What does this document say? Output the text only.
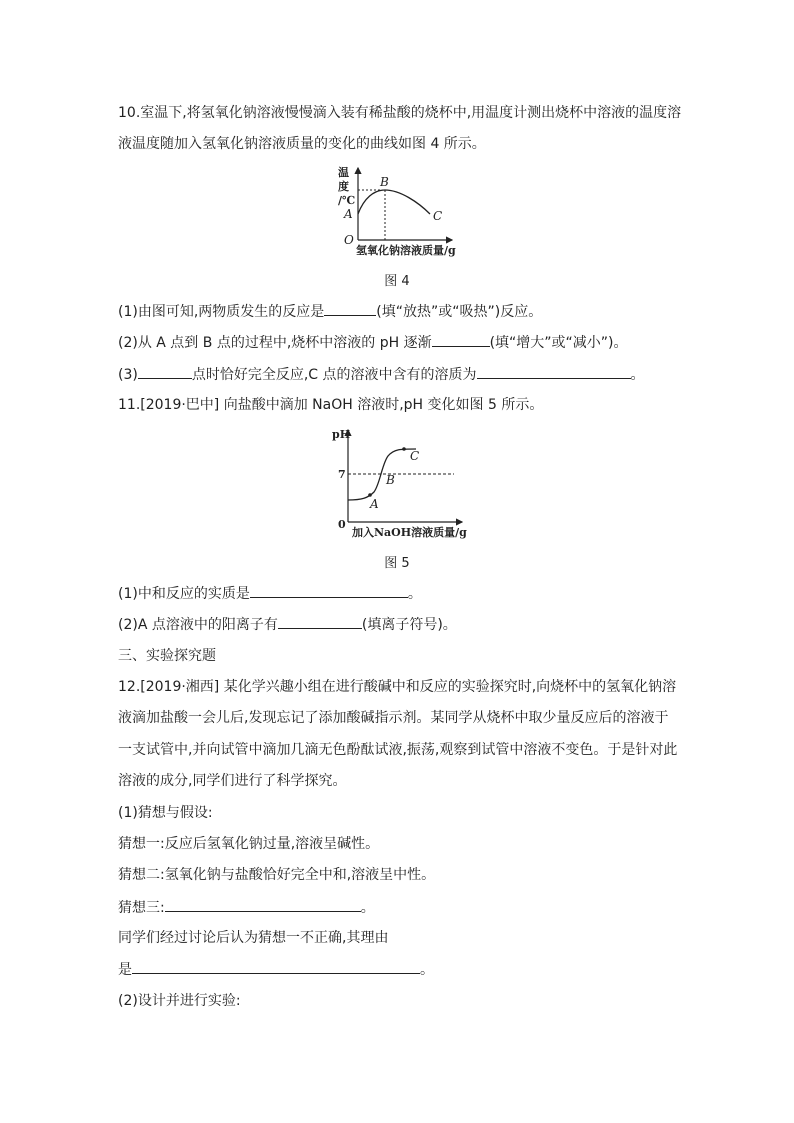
10.室温下,将氢氧化钠溶液慢慢滴入装有稀盐酸的烧杯中,用温度计测出烧杯中溶液的温度溶
液温度随加入氢氧化钠溶液质量的变化的曲线如图 4 所示。
温
度
/℃
A
B
C
O
氢氧化钠溶液质量/g
图 4
(1)由图可知,两物质发生的反应是	(填“放热”或“吸热”)反应。
(2)从 A 点到 B 点的过程中,烧杯中溶液的 pH 逐渐	(填“增大”或“减小”)。
(3)	点时恰好完全反应,C 点的溶液中含有的溶质为	。
11.[2019·巴中] 向盐酸中滴加 NaOH 溶液时,pH 变化如图 5 所示。
pH
7
0
A
B
C
加入NaOH溶液质量/g
图 5
(1)中和反应的实质是	。
(2)A 点溶液中的阳离子有	(填离子符号)。
三、实验探究题
12.[2019·湘西] 某化学兴趣小组在进行酸碱中和反应的实验探究时,向烧杯中的氢氧化钠溶
液滴加盐酸一会儿后,发现忘记了添加酸碱指示剂。某同学从烧杯中取少量反应后的溶液于
一支试管中,并向试管中滴加几滴无色酚酞试液,振荡,观察到试管中溶液不变色。于是针对此
溶液的成分,同学们进行了科学探究。
(1)猜想与假设:
猜想一:反应后氢氧化钠过量,溶液呈碱性。
猜想二:氢氧化钠与盐酸恰好完全中和,溶液呈中性。
猜想三:	。
同学们经过讨论后认为猜想一不正确,其理由
是	。
(2)设计并进行实验:
